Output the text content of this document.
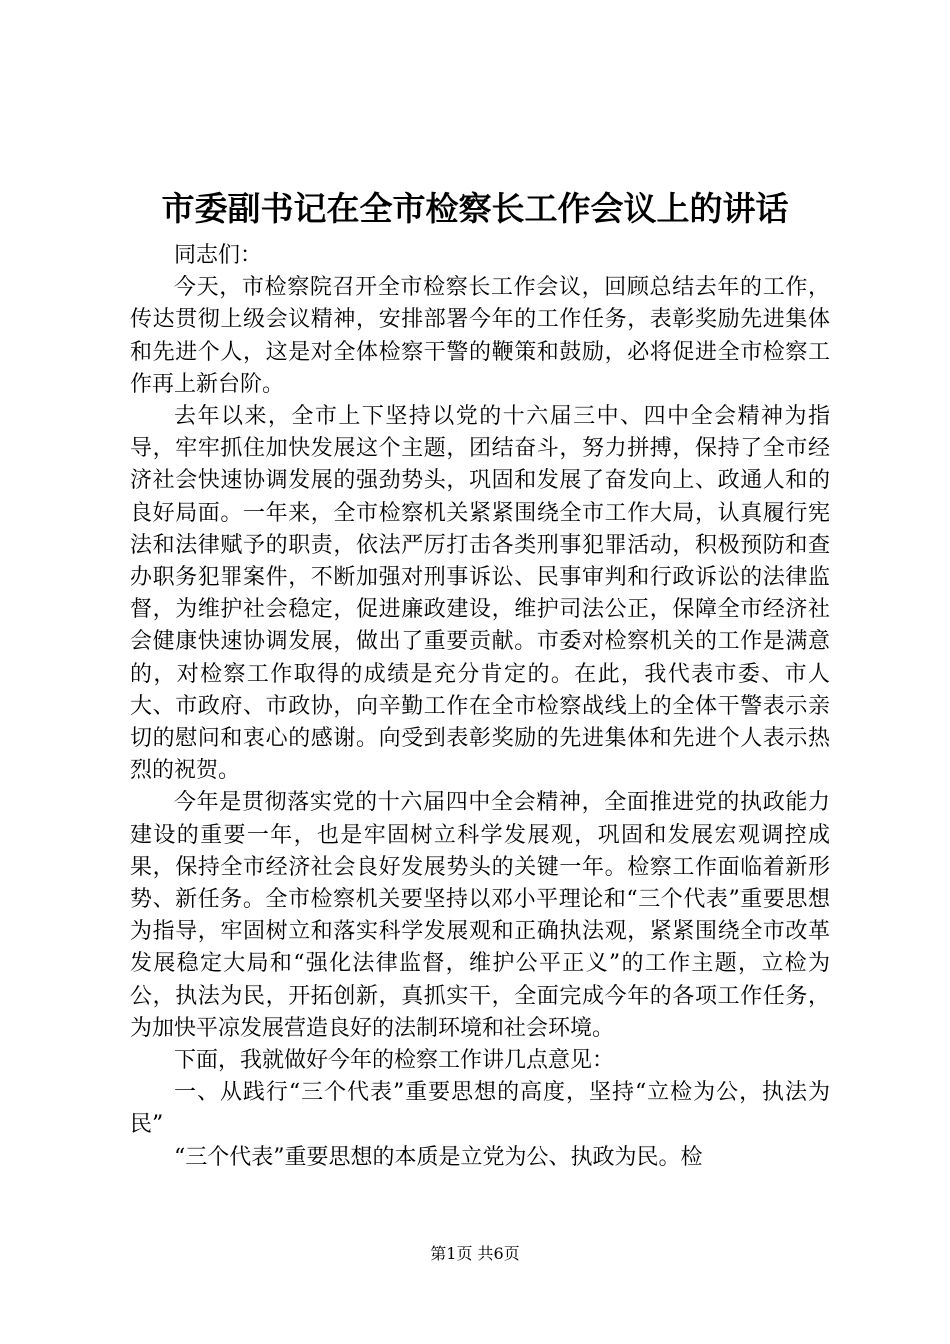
市委副书记在全市检察长工作会议上的讲话

同志们：

今天，市检察院召开全市检察长工作会议，回顾总结去年的工作，传达贯彻上级会议精神，安排部署今年的工作任务，表彰奖励先进集体和先进个人，这是对全体检察干警的鞭策和鼓励，必将促进全市检察工作再上新台阶。

去年以来，全市上下坚持以党的十六届三中、四中全会精神为指导，牢牢抓住加快发展这个主题，团结奋斗，努力拼搏，保持了全市经济社会快速协调发展的强劲势头，巩固和发展了奋发向上、政通人和的良好局面。一年来，全市检察机关紧紧围绕全市工作大局，认真履行宪法和法律赋予的职责，依法严厉打击各类刑事犯罪活动，积极预防和查办职务犯罪案件，不断加强对刑事诉讼、民事审判和行政诉讼的法律监督，为维护社会稳定，促进廉政建设，维护司法公正，保障全市经济社会健康快速协调发展，做出了重要贡献。市委对检察机关的工作是满意的，对检察工作取得的成绩是充分肯定的。在此，我代表市委、市人大、市政府、市政协，向辛勤工作在全市检察战线上的全体干警表示亲切的慰问和衷心的感谢。向受到表彰奖励的先进集体和先进个人表示热烈的祝贺。

今年是贯彻落实党的十六届四中全会精神，全面推进党的执政能力建设的重要一年，也是牢固树立科学发展观，巩固和发展宏观调控成果，保持全市经济社会良好发展势头的关键一年。检察工作面临着新形势、新任务。全市检察机关要坚持以邓小平理论和“三个代表”重要思想为指导，牢固树立和落实科学发展观和正确执法观，紧紧围绕全市改革发展稳定大局和“强化法律监督，维护公平正义”的工作主题，立检为公，执法为民，开拓创新，真抓实干，全面完成今年的各项工作任务，为加快平凉发展营造良好的法制环境和社会环境。

下面，我就做好今年的检察工作讲几点意见：

一、从践行“三个代表”重要思想的高度，坚持“立检为公，执法为民”

“三个代表”重要思想的本质是立党为公、执政为民。检

第1页 共6页
